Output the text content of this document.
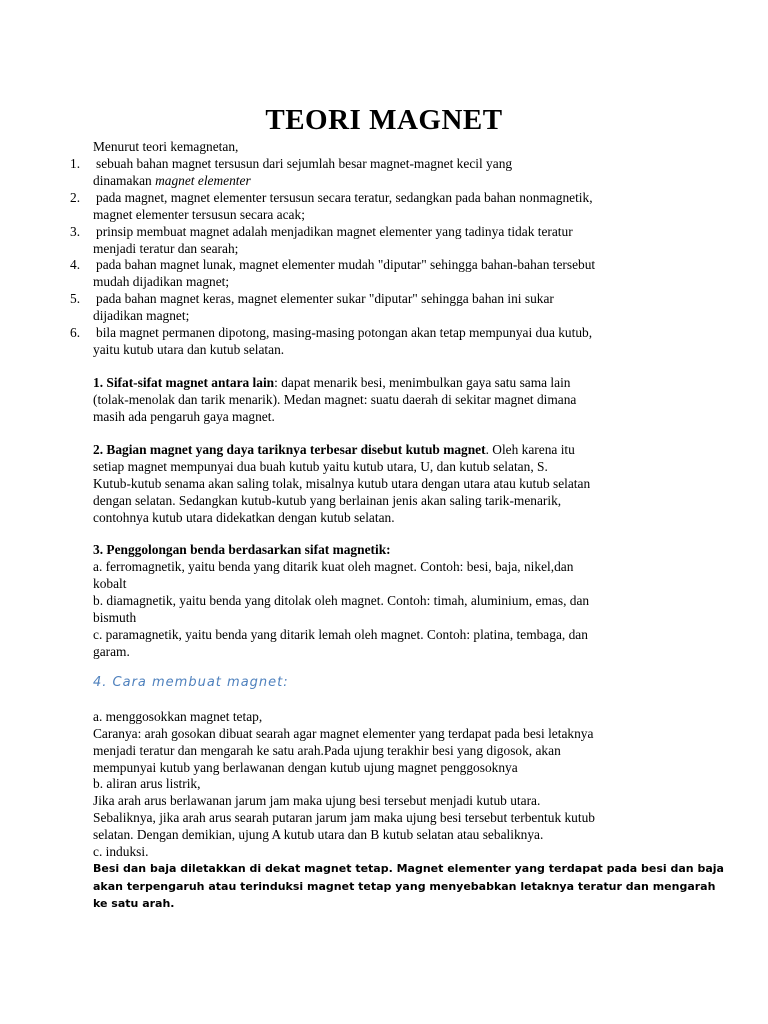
TEORI MAGNET

Menurut teori kemagnetan,

1. sebuah bahan magnet tersusun dari sejumlah besar magnet-magnet kecil yang

dinamakan magnet elementer

2. pada magnet, magnet elementer tersusun secara teratur, sedangkan pada bahan nonmagnetik,

magnet elementer tersusun secara acak;

3. prinsip membuat magnet adalah menjadikan magnet elementer yang tadinya tidak teratur

menjadi teratur dan searah;

4. pada bahan magnet lunak, magnet elementer mudah "diputar" sehingga bahan-bahan tersebut

mudah dijadikan magnet;

5. pada bahan magnet keras, magnet elementer sukar "diputar" sehingga bahan ini sukar

dijadikan magnet;

6. bila magnet permanen dipotong, masing-masing potongan akan tetap mempunyai dua kutub,

yaitu kutub utara dan kutub selatan.

1. Sifat-sifat magnet antara lain: dapat menarik besi, menimbulkan gaya satu sama lain

(tolak-menolak dan tarik menarik). Medan magnet: suatu daerah di sekitar magnet dimana

masih ada pengaruh gaya magnet.

2. Bagian magnet yang daya tariknya terbesar disebut kutub magnet. Oleh karena itu

setiap magnet mempunyai dua buah kutub yaitu kutub utara, U, dan kutub selatan, S.

Kutub-kutub senama akan saling tolak, misalnya kutub utara dengan utara atau kutub selatan

dengan selatan. Sedangkan kutub-kutub yang berlainan jenis akan saling tarik-menarik,

contohnya kutub utara didekatkan dengan kutub selatan.

3. Penggolongan benda berdasarkan sifat magnetik:

a. ferromagnetik, yaitu benda yang ditarik kuat oleh magnet. Contoh: besi, baja, nikel,dan

kobalt

b. diamagnetik, yaitu benda yang ditolak oleh magnet. Contoh: timah, aluminium, emas, dan

bismuth

c. paramagnetik, yaitu benda yang ditarik lemah oleh magnet. Contoh: platina, tembaga, dan

garam.

4. Cara membuat magnet:

a. menggosokkan magnet tetap,

Caranya: arah gosokan dibuat searah agar magnet elementer yang terdapat pada besi letaknya

menjadi teratur dan mengarah ke satu arah.Pada ujung terakhir besi yang digosok, akan

mempunyai kutub yang berlawanan dengan kutub ujung magnet penggosoknya

b. aliran arus listrik,

Jika arah arus berlawanan jarum jam maka ujung besi tersebut menjadi kutub utara.

Sebaliknya, jika arah arus searah putaran jarum jam maka ujung besi tersebut terbentuk kutub

selatan. Dengan demikian, ujung A kutub utara dan B kutub selatan atau sebaliknya.

c. induksi.

Besi dan baja diletakkan di dekat magnet tetap. Magnet elementer yang terdapat pada besi dan baja

akan terpengaruh atau terinduksi magnet tetap yang menyebabkan letaknya teratur dan mengarah

ke satu arah.
